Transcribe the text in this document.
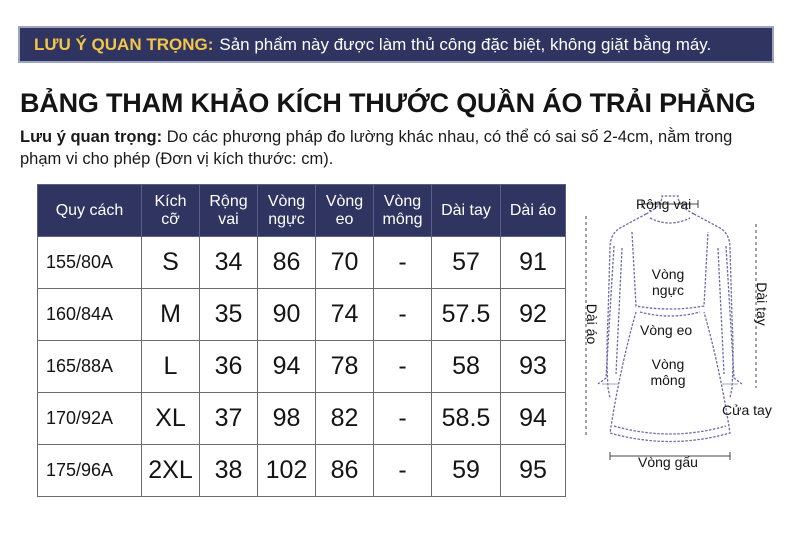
LƯU Ý QUAN TRỌNG: Sản phẩm này được làm thủ công đặc biệt, không giặt bằng máy.
BẢNG THAM KHẢO KÍCH THƯỚC QUẦN ÁO TRẢI PHẲNG
Lưu ý quan trọng: Do các phương pháp đo lường khác nhau, có thể có sai số 2-4cm, nằm trong phạm vi cho phép (Đơn vị kích thước: cm).
Quy cách	Kích cỡ	Rộng vai	Vòng ngực	Vòng eo	Vòng mông	Dài tay	Dài áo
155/80A	S	34	86	70	-	57	91
160/84A	M	35	90	74	-	57.5	92
165/88A	L	36	94	78	-	58	93
170/92A	XL	37	98	82	-	58.5	94
175/96A	2XL	38	102	86	-	59	95
Rộng vai
Vòng ngực
Vòng eo
Vòng mông
Dài áo	Dài tay
Cửa tay
Vòng gấu
